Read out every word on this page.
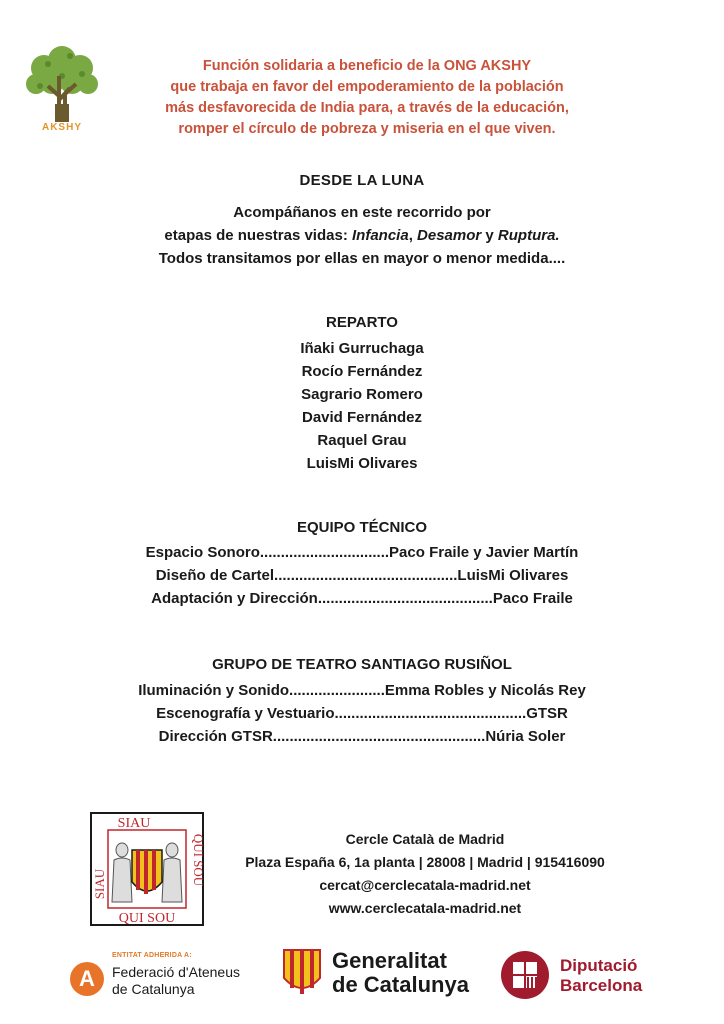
AKSHY
Función solidaria a beneficio de la ONG AKSHY
que trabaja en favor del empoderamiento de la población
más desfavorecida de India para, a través de la educación,
romper el círculo de pobreza y miseria en el que viven.
DESDE LA LUNA
Acompáñanos en este recorrido por
etapas de nuestras vidas: Infancia, Desamor y Ruptura.
Todos transitamos por ellas en mayor o menor medida....
REPARTO
Iñaki Gurruchaga
Rocío Fernández
Sagrario Romero
David Fernández
Raquel Grau
LuisMi Olivares
EQUIPO TÉCNICO
Espacio Sonoro...............................Paco Fraile y Javier Martín
Diseño de Cartel............................................LuisMi Olivares
Adaptación y Dirección..........................................Paco Fraile
GRUPO DE TEATRO SANTIAGO RUSIÑOL
Iluminación y Sonido.......................Emma Robles y Nicolás Rey
Escenografía y Vestuario..............................................GTSR
Dirección GTSR...................................................Núria Soler
SIAU
QUI SOU
SIAU	QUI SOU	Cercle Català de Madrid
Plaza España 6, 1a planta | 28008 | Madrid | 915416090
cercat@cerclecatala-madrid.net
www.cerclecatala-madrid.net
ENTITAT ADHERIDA A:
A	Federació d'Ateneus
de Catalunya
Generalitat
de Catalunya
Diputació
Barcelona
